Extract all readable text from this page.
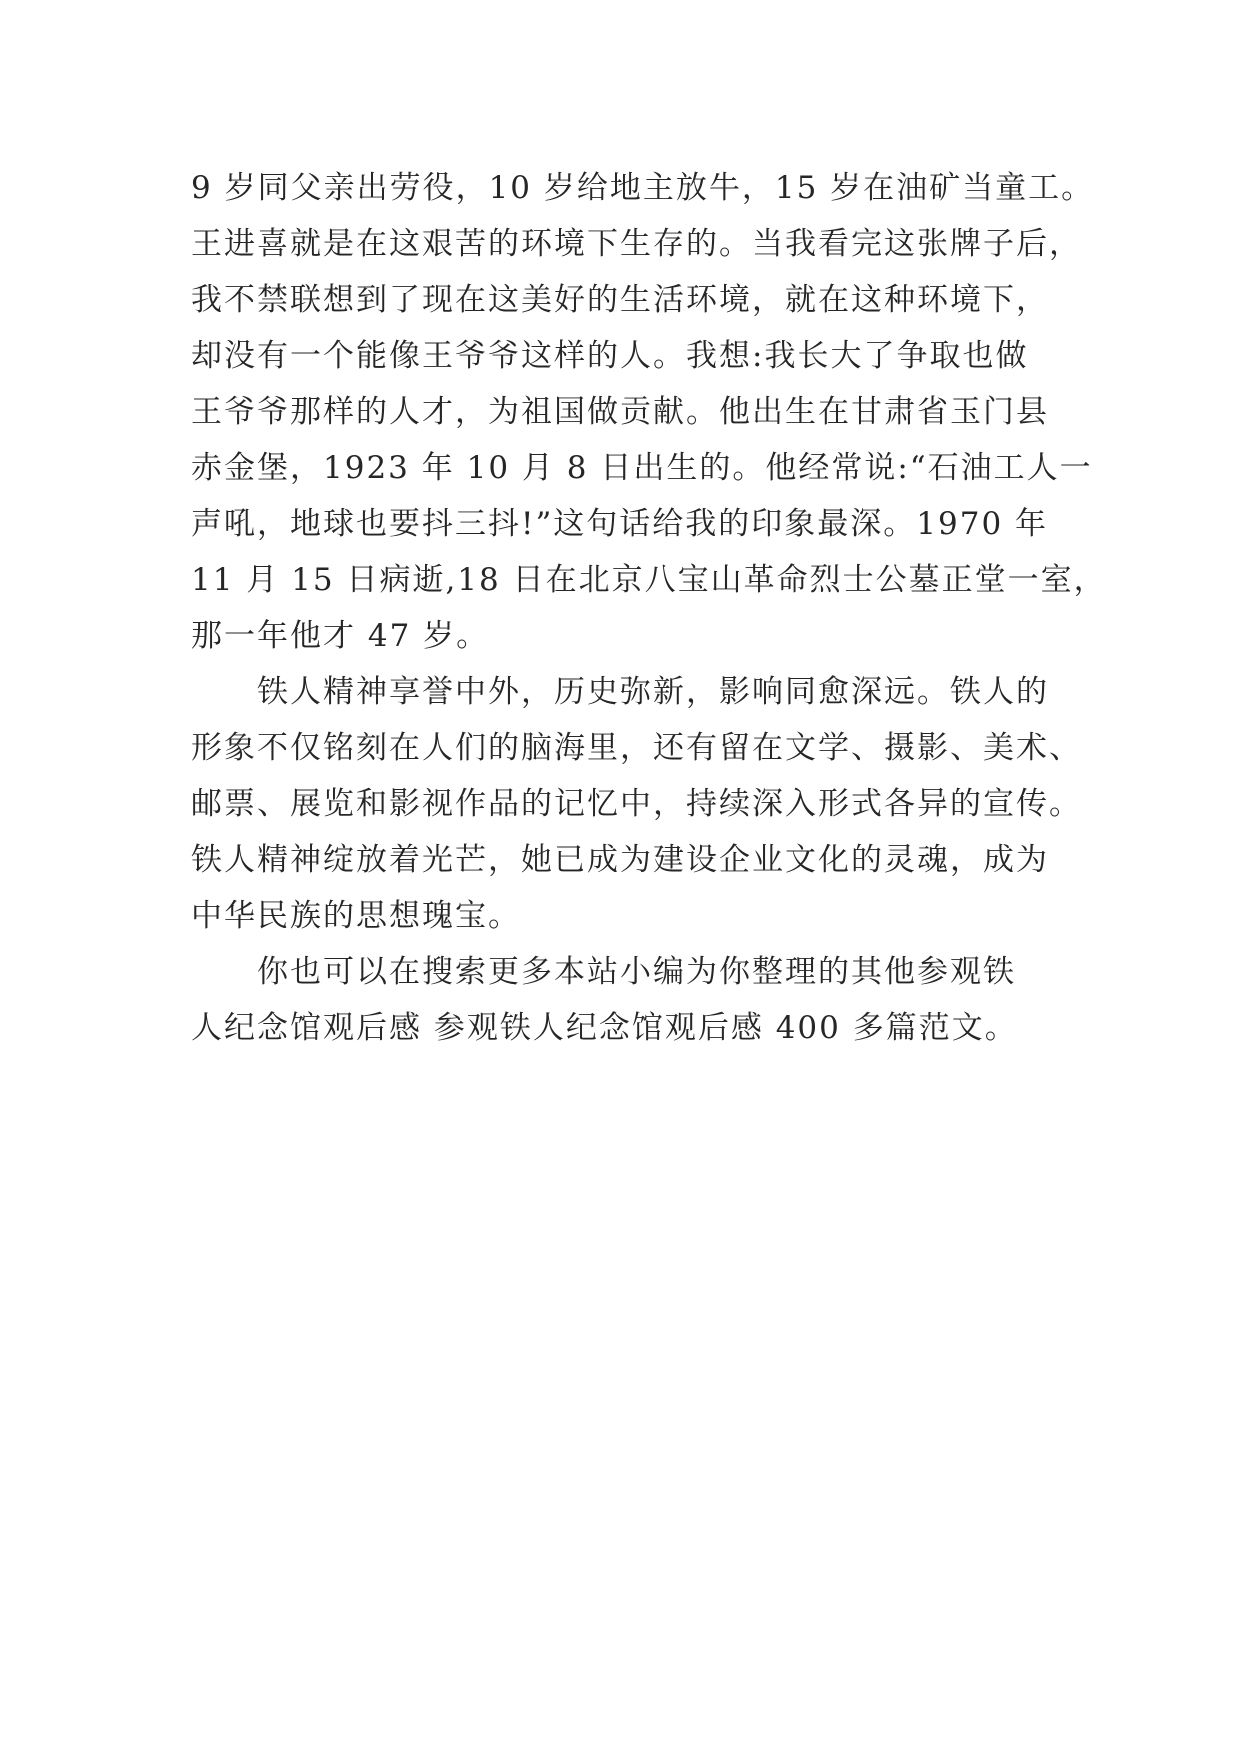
9 岁同父亲出劳役，10 岁给地主放牛，15 岁在油矿当童工。
王进喜就是在这艰苦的环境下生存的。当我看完这张牌子后，
我不禁联想到了现在这美好的生活环境，就在这种环境下，
却没有一个能像王爷爷这样的人。我想:我长大了争取也做
王爷爷那样的人才，为祖国做贡献。他出生在甘肃省玉门县
赤金堡，1923 年 10 月 8 日出生的。他经常说:“石油工人一
声吼，地球也要抖三抖!”这句话给我的印象最深。1970 年
11 月 15 日病逝,18 日在北京八宝山革命烈士公墓正堂一室，
那一年他才 47 岁。
铁人精神享誉中外，历史弥新，影响同愈深远。铁人的
形象不仅铭刻在人们的脑海里，还有留在文学、摄影、美术、
邮票、展览和影视作品的记忆中，持续深入形式各异的宣传。
铁人精神绽放着光芒，她已成为建设企业文化的灵魂，成为
中华民族的思想瑰宝。
你也可以在搜索更多本站小编为你整理的其他参观铁
人纪念馆观后感 参观铁人纪念馆观后感 400 多篇范文。
